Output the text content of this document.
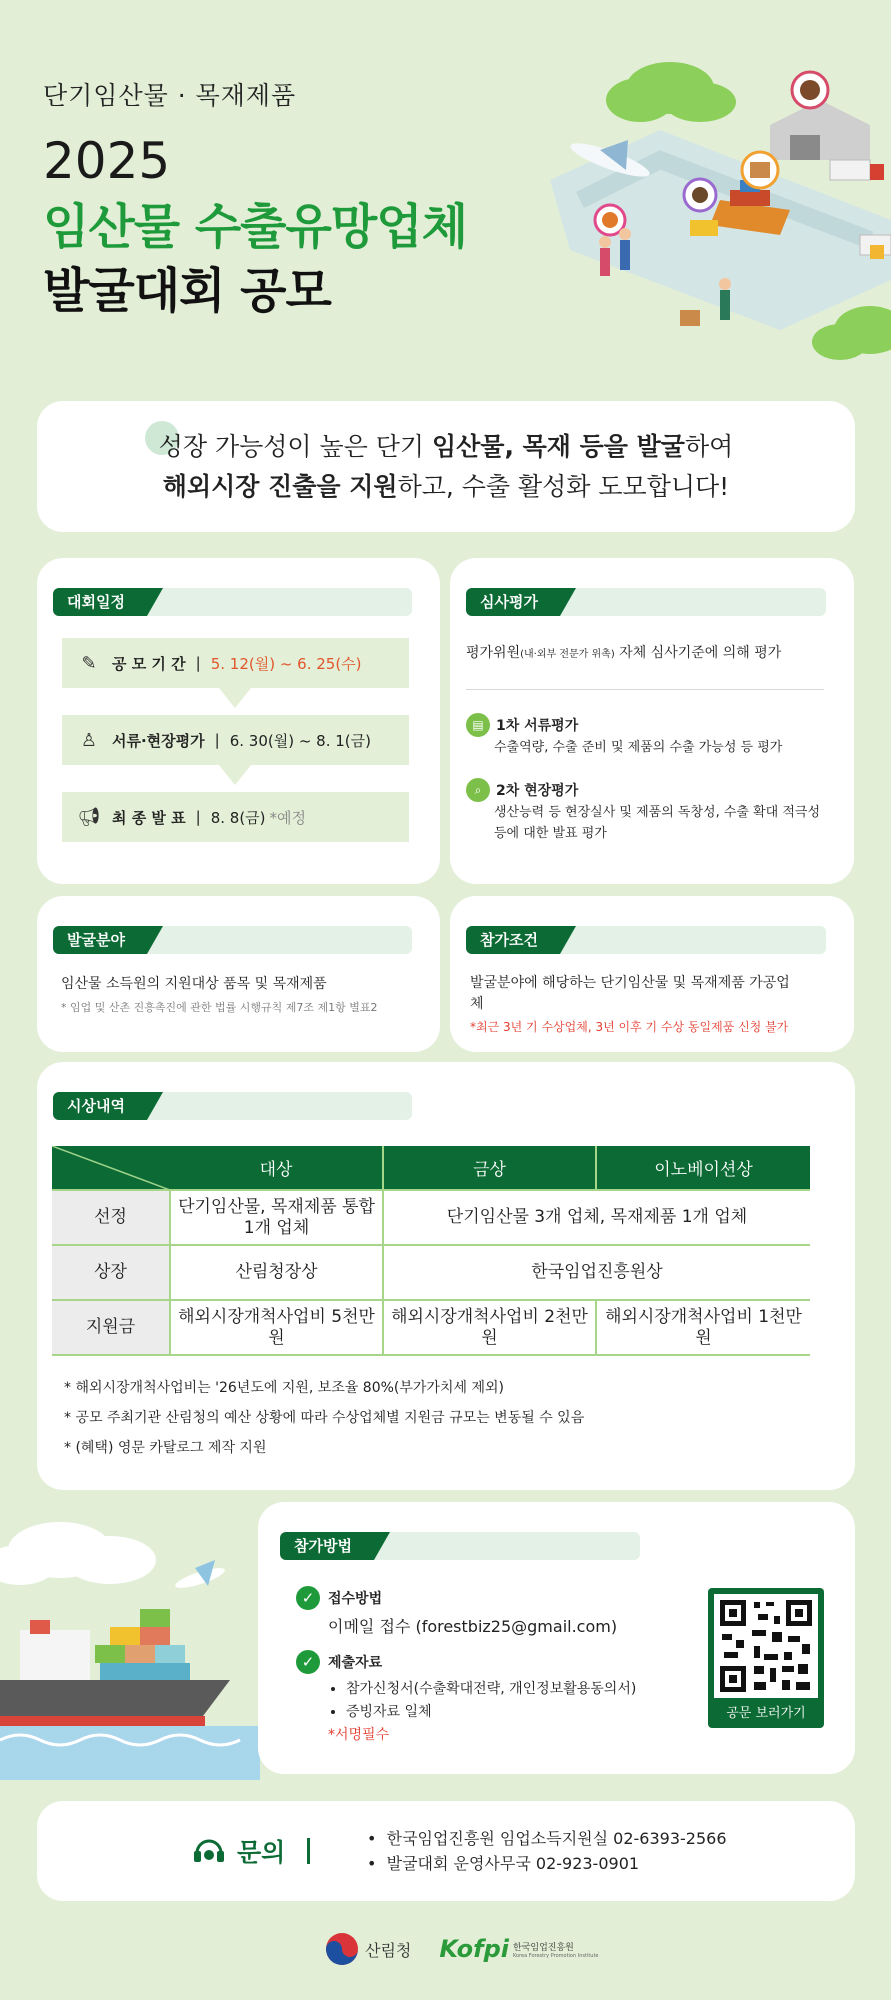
단기임산물 · 목재제품
2025
임산물 수출유망업체
발굴대회 공모
성장 가능성이 높은 단기 임산물, 목재 등을 발굴하여
해외시장 진출을 지원하고, 수출 활성화 도모합니다!
대회일정
✎	공 모 기 간 | 5. 12(월) ~ 6. 25(수)
♙ 서류·현장평가 | 6. 30(월) ~ 8. 1(금)
📢︎ 최 종 발 표 | 8. 8(금) *예정
심사평가
평가위원(내·외부 전문가 위촉) 자체 심사기준에 의해 평가
▤ 1차 서류평가
수출역량, 수출 준비 및 제품의 수출 가능성 등 평가
⌕	2차 현장평가
생산능력 등 현장실사 및 제품의 독창성, 수출 확대 적극성 등에 대한 발표 평가
발굴분야
임산물 소득원의 지원대상 품목 및 목재제품
* 임업 및 산촌 진흥촉진에 관한 법률 시행규칙 제7조 제1항 별표2
참가조건
발굴분야에 해당하는 단기임산물 및 목재제품 가공업체
*최근 3년 기 수상업체, 3년 이후 기 수상 동일제품 신청 불가
시상내역
	대상	금상	이노베이션상
선정	단기임산물, 목재제품 통합 1개 업체	단기임산물 3개 업체, 목재제품 1개 업체	
상장	산림청장상	한국임업진흥원상	
지원금	해외시장개척사업비 5천만원	해외시장개척사업비 2천만원	해외시장개척사업비 1천만원
* 해외시장개척사업비는 '26년도에 지원, 보조율 80%(부가가치세 제외)
* 공모 주최기관 산림청의 예산 상황에 따라 수상업체별 지원금 규모는 변동될 수 있음
* (혜택) 영문 카탈로그 제작 지원
참가방법
✓ 접수방법
이메일 접수 (forestbiz25@gmail.com)
✓ 제출자료
• 참가신청서(수출확대전략, 개인정보활용동의서)
• 증빙자료 일체
*서명필수
공문 보러가기
문의	•  한국임업진흥원 임업소득지원실 02-6393-2566
•  발굴대회 운영사무국 02-923-0901
산림청 Kofpi 한국임업진흥원
Korea Forestry Promotion Institute
